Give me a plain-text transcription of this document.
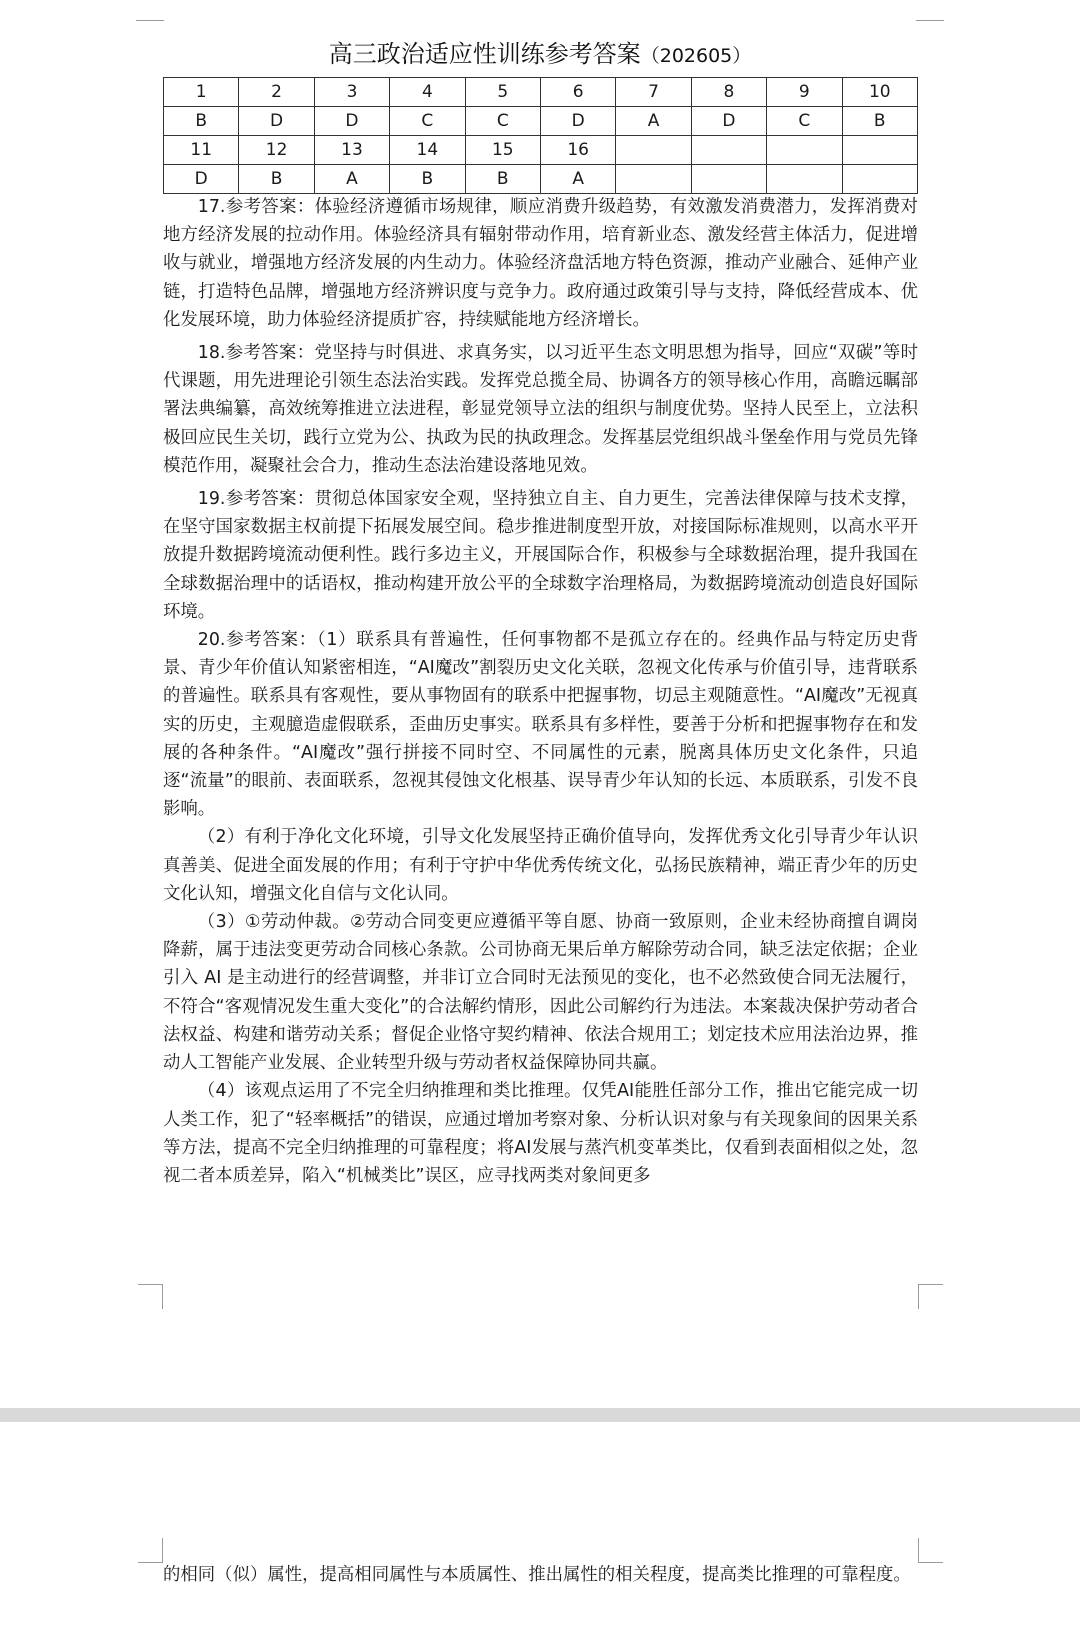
高三政治适应性训练参考答案（202605）
1	2	3	4	5	6	7	8	9	10
B	D	D	C	C	D	A	D	C	B
11	12	13	14	15	16				
D	B	A	B	B	A				

17.参考答案：体验经济遵循市场规律，顺应消费升级趋势，有效激发消费潜力，发挥消费对地方经济发展的拉动作用。体验经济具有辐射带动作用，培育新业态、激发经营主体活力，促进增收与就业，增强地方经济发展的内生动力。体验经济盘活地方特色资源，推动产业融合、延伸产业链，打造特色品牌，增强地方经济辨识度与竞争力。政府通过政策引导与支持，降低经营成本、优化发展环境，助力体验经济提质扩容，持续赋能地方经济增长。

18.参考答案：党坚持与时俱进、求真务实，以习近平生态文明思想为指导，回应“双碳”等时代课题，用先进理论引领生态法治实践。发挥党总揽全局、协调各方的领导核心作用，高瞻远瞩部署法典编纂，高效统筹推进立法进程，彰显党领导立法的组织与制度优势。坚持人民至上，立法积极回应民生关切，践行立党为公、执政为民的执政理念。发挥基层党组织战斗堡垒作用与党员先锋模范作用，凝聚社会合力，推动生态法治建设落地见效。

19.参考答案：贯彻总体国家安全观，坚持独立自主、自力更生，完善法律保障与技术支撑，在坚守国家数据主权前提下拓展发展空间。稳步推进制度型开放，对接国际标准规则，以高水平开放提升数据跨境流动便利性。践行多边主义，开展国际合作，积极参与全球数据治理，提升我国在全球数据治理中的话语权，推动构建开放公平的全球数字治理格局，为数据跨境流动创造良好国际环境。

20.参考答案：（1）联系具有普遍性，任何事物都不是孤立存在的。经典作品与特定历史背景、青少年价值认知紧密相连，“AI魔改”割裂历史文化关联，忽视文化传承与价值引导，违背联系的普遍性。联系具有客观性，要从事物固有的联系中把握事物，切忌主观随意性。“AI魔改”无视真实的历史，主观臆造虚假联系，歪曲历史事实。联系具有多样性，要善于分析和把握事物存在和发展的各种条件。“AI魔改”强行拼接不同时空、不同属性的元素，脱离具体历史文化条件，只追逐“流量”的眼前、表面联系，忽视其侵蚀文化根基、误导青少年认知的长远、本质联系，引发不良影响。

（2）有利于净化文化环境，引导文化发展坚持正确价值导向，发挥优秀文化引导青少年认识真善美、促进全面发展的作用；有利于守护中华优秀传统文化，弘扬民族精神，端正青少年的历史文化认知，增强文化自信与文化认同。

（3）①劳动仲裁。②劳动合同变更应遵循平等自愿、协商一致原则，企业未经协商擅自调岗降薪，属于违法变更劳动合同核心条款。公司协商无果后单方解除劳动合同，缺乏法定依据；企业引入 AI 是主动进行的经营调整，并非订立合同时无法预见的变化，也不必然致使合同无法履行，不符合“客观情况发生重大变化”的合法解约情形，因此公司解约行为违法。本案裁决保护劳动者合法权益、构建和谐劳动关系；督促企业恪守契约精神、依法合规用工；划定技术应用法治边界，推动人工智能产业发展、企业转型升级与劳动者权益保障协同共赢。

（4）该观点运用了不完全归纳推理和类比推理。仅凭AI能胜任部分工作，推出它能完成一切人类工作，犯了“轻率概括”的错误，应通过增加考察对象、分析认识对象与有关现象间的因果关系等方法，提高不完全归纳推理的可靠程度；将AI发展与蒸汽机变革类比，仅看到表面相似之处，忽视二者本质差异，陷入“机械类比”误区，应寻找两类对象间更多

的相同（似）属性，提高相同属性与本质属性、推出属性的相关程度，提高类比推理的可靠程度。
